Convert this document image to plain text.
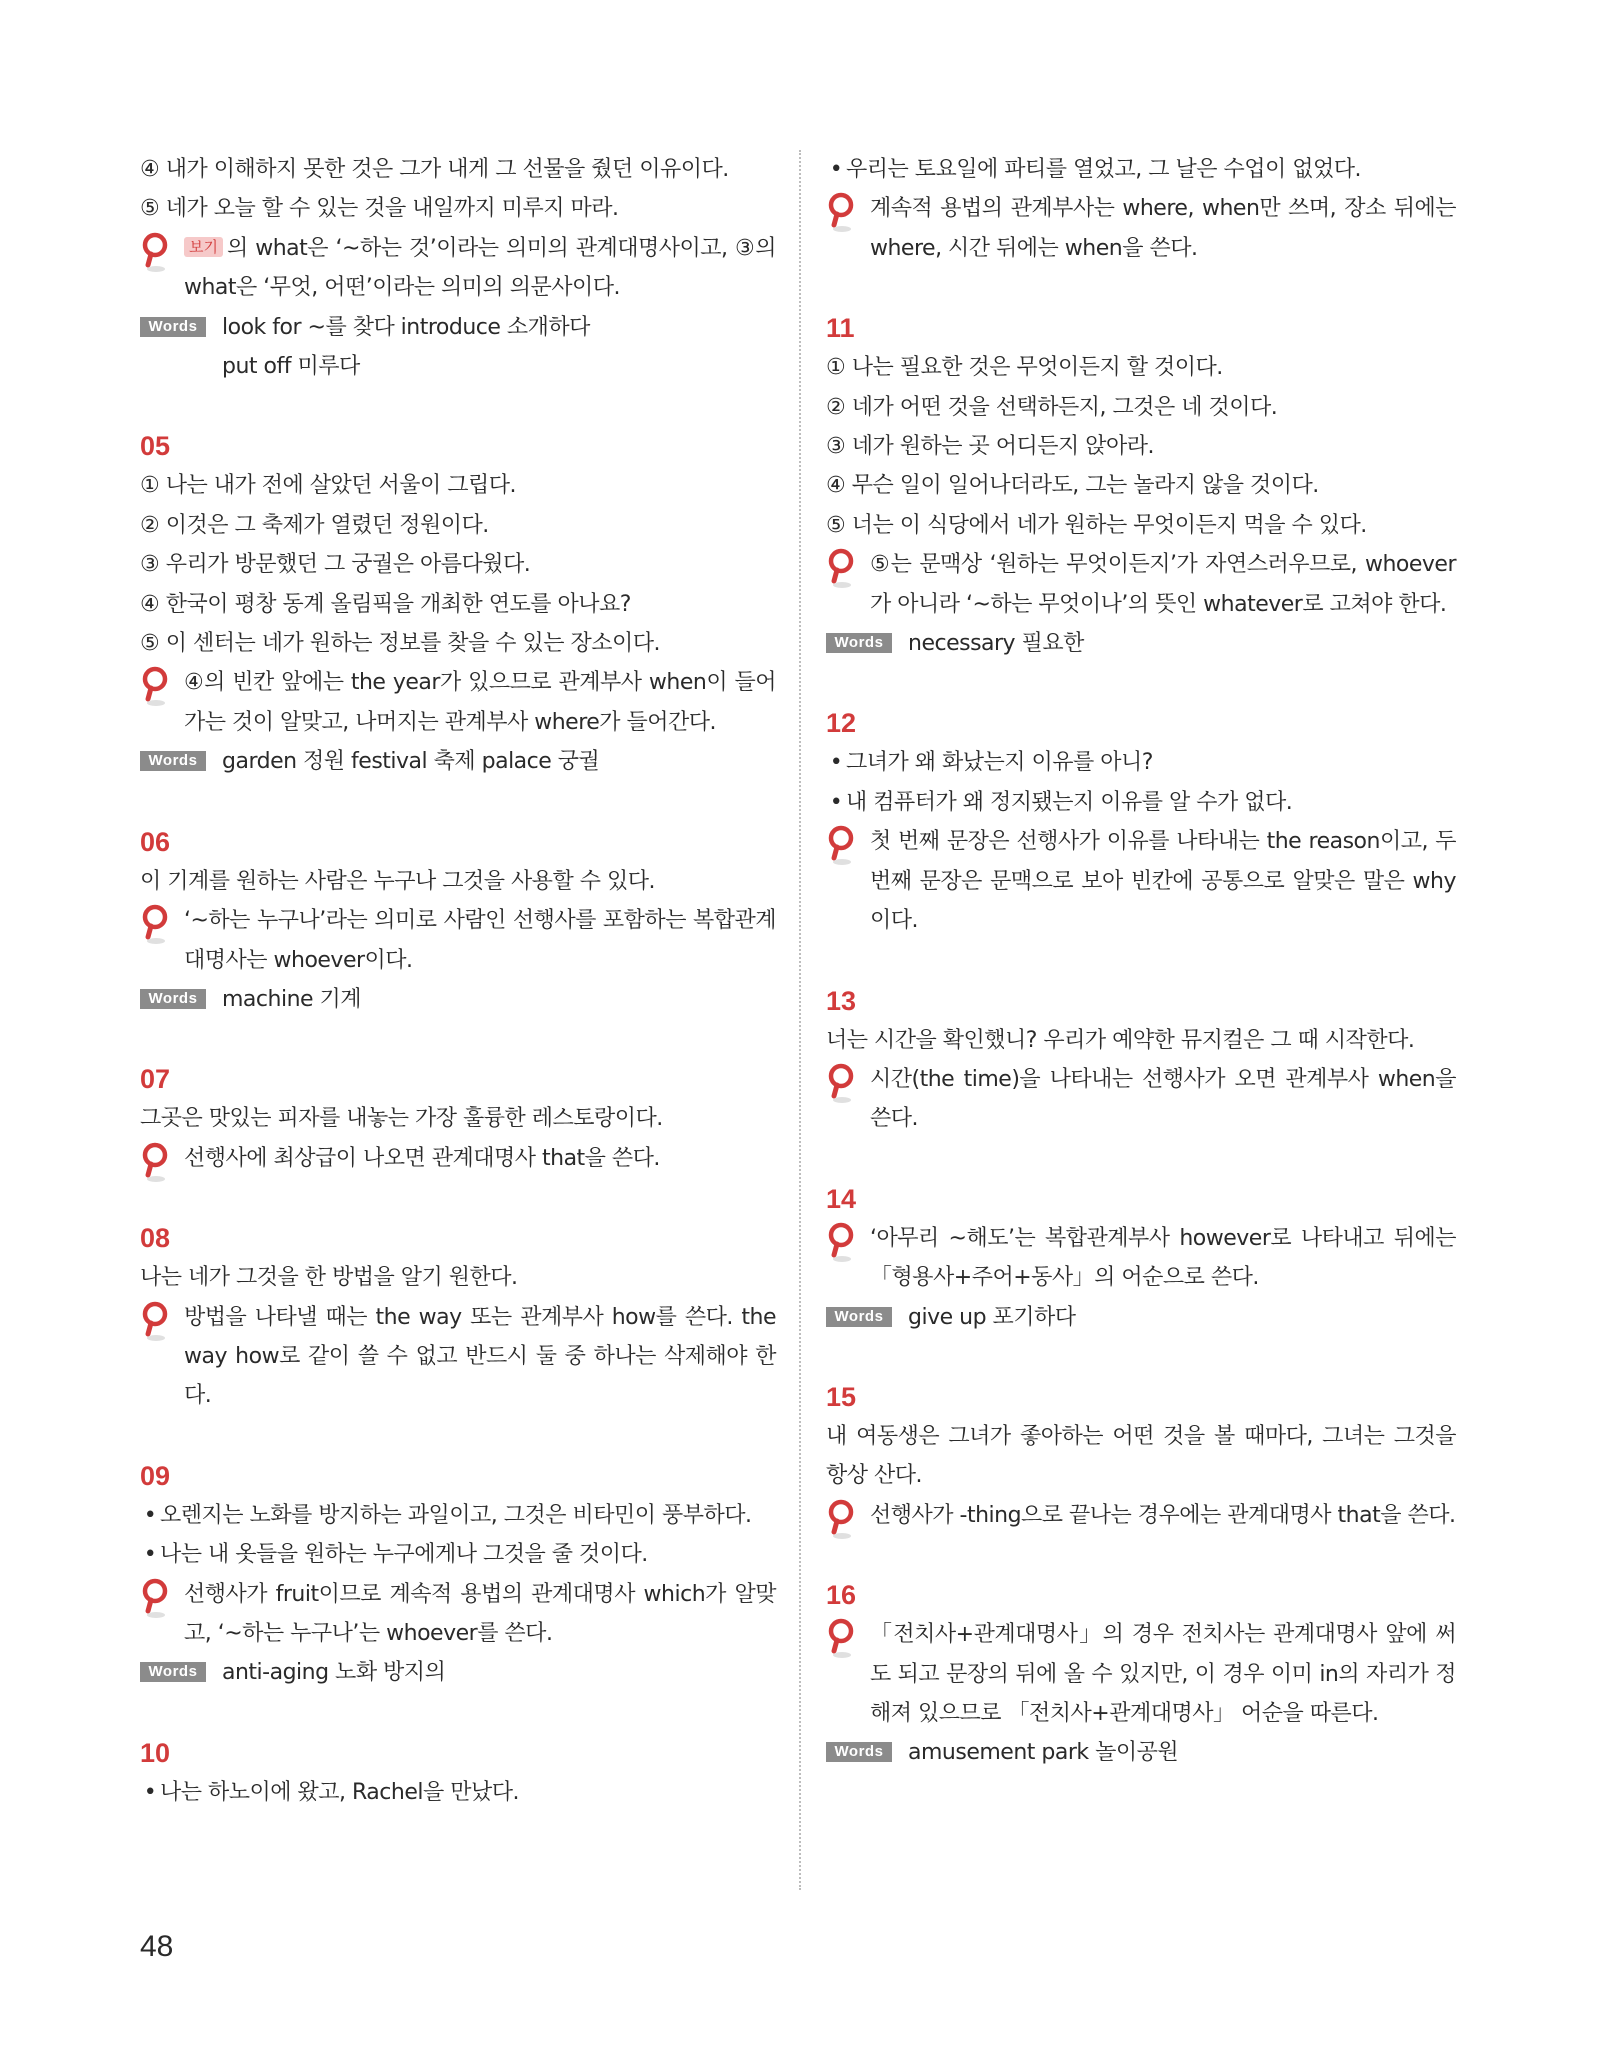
④ 내가 이해하지 못한 것은 그가 내게 그 선물을 줬던 이유이다.

⑤ 네가 오늘 할 수 있는 것을 내일까지 미루지 마라.

보기 의 what은 ‘~하는 것’이라는 의미의 관계대명사이고, ③의 what은 ‘무엇, 어떤’이라는 의미의 의문사이다.

Words	look for ~를 찾다 introduce 소개하다

put off 미루다

05

① 나는 내가 전에 살았던 서울이 그립다.

② 이것은 그 축제가 열렸던 정원이다.

③ 우리가 방문했던 그 궁궐은 아름다웠다.

④ 한국이 평창 동계 올림픽을 개최한 연도를 아나요?

⑤ 이 센터는 네가 원하는 정보를 찾을 수 있는 장소이다.

④의 빈칸 앞에는 the year가 있으므로 관계부사 when이 들어가는 것이 알맞고, 나머지는 관계부사 where가 들어간다.

Words	garden 정원 festival 축제 palace 궁궐

06

이 기계를 원하는 사람은 누구나 그것을 사용할 수 있다.

‘~하는 누구나’라는 의미로 사람인 선행사를 포함하는 복합관계대명사는 whoever이다.

Words	machine 기계

07

그곳은 맛있는 피자를 내놓는 가장 훌륭한 레스토랑이다.

선행사에 최상급이 나오면 관계대명사 that을 쓴다.

08

나는 네가 그것을 한 방법을 알기 원한다.

방법을 나타낼 때는 the way 또는 관계부사 how를 쓴다. the way how로 같이 쓸 수 없고 반드시 둘 중 하나는 삭제해야 한다.

09

• 오렌지는 노화를 방지하는 과일이고, 그것은 비타민이 풍부하다.

• 나는 내 옷들을 원하는 누구에게나 그것을 줄 것이다.

선행사가 fruit이므로 계속적 용법의 관계대명사 which가 알맞고, ‘~하는 누구나’는 whoever를 쓴다.

Words	anti-aging 노화 방지의

10

• 나는 하노이에 왔고, Rachel을 만났다.

• 우리는 토요일에 파티를 열었고, 그 날은 수업이 없었다.

계속적 용법의 관계부사는 where, when만 쓰며, 장소 뒤에는 where, 시간 뒤에는 when을 쓴다.

11

① 나는 필요한 것은 무엇이든지 할 것이다.

② 네가 어떤 것을 선택하든지, 그것은 네 것이다.

③ 네가 원하는 곳 어디든지 앉아라.

④ 무슨 일이 일어나더라도, 그는 놀라지 않을 것이다.

⑤ 너는 이 식당에서 네가 원하는 무엇이든지 먹을 수 있다.

⑤는 문맥상 ‘원하는 무엇이든지’가 자연스러우므로, whoever가 아니라 ‘~하는 무엇이나’의 뜻인 whatever로 고쳐야 한다.

Words	necessary 필요한

12

• 그녀가 왜 화났는지 이유를 아니?

• 내 컴퓨터가 왜 정지됐는지 이유를 알 수가 없다.

첫 번째 문장은 선행사가 이유를 나타내는 the reason이고, 두 번째 문장은 문맥으로 보아 빈칸에 공통으로 알맞은 말은 why이다.

13

너는 시간을 확인했니? 우리가 예약한 뮤지컬은 그 때 시작한다.

시간(the time)을 나타내는 선행사가 오면 관계부사 when을 쓴다.

14

‘아무리 ~해도’는 복합관계부사 however로 나타내고 뒤에는 「형용사+주어+동사」의 어순으로 쓴다.

Words	give up 포기하다

15

내 여동생은 그녀가 좋아하는 어떤 것을 볼 때마다, 그녀는 그것을 항상 산다.

선행사가 -thing으로 끝나는 경우에는 관계대명사 that을 쓴다.

16

「전치사+관계대명사」의 경우 전치사는 관계대명사 앞에 써도 되고 문장의 뒤에 올 수 있지만, 이 경우 이미 in의 자리가 정해져 있으므로 「전치사+관계대명사」 어순을 따른다.

Words	amusement park 놀이공원

48
